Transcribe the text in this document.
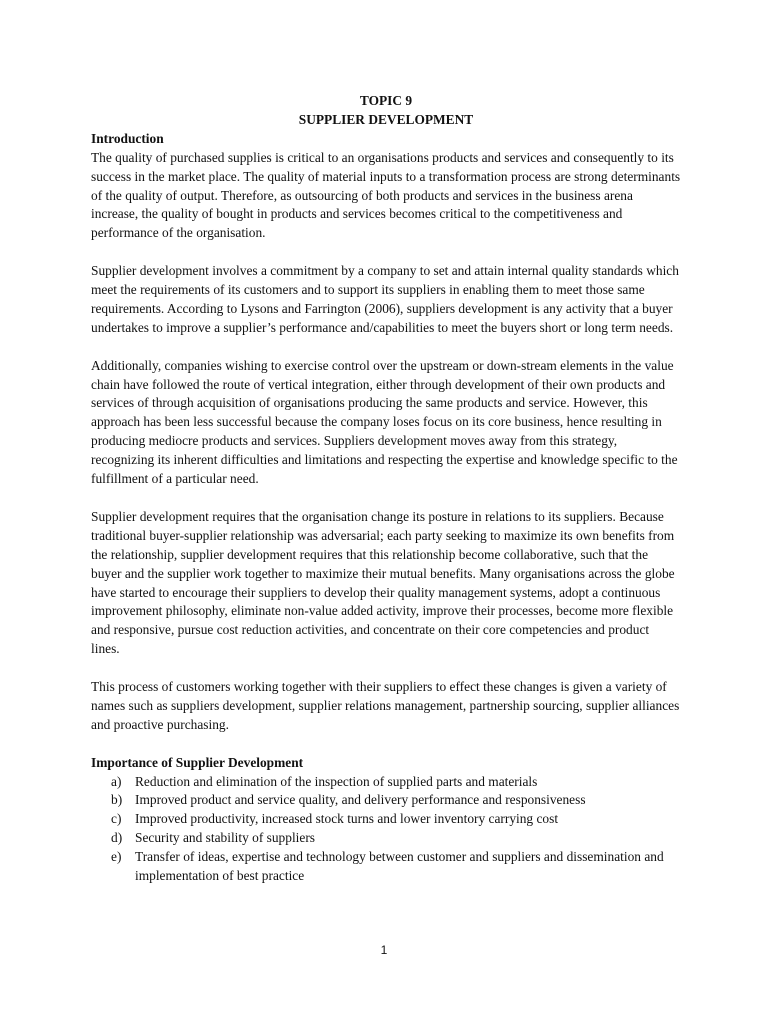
TOPIC 9

SUPPLIER DEVELOPMENT

Introduction

The quality of purchased supplies is critical to an organisations products and services and consequently to its success in the market place. The quality of material inputs to a transformation process are strong determinants of the quality of output. Therefore, as outsourcing of both products and services in the business arena increase, the quality of bought in products and services becomes critical to the competitiveness and performance of the organisation.

Supplier development involves a commitment by a company to set and attain internal quality standards which meet the requirements of its customers and to support its suppliers in enabling them to meet those same requirements. According to Lysons and Farrington (2006), suppliers development is any activity that a buyer undertakes to improve a supplier’s performance and/capabilities to meet the buyers short or long term needs.

Additionally, companies wishing to exercise control over the upstream or down-stream elements in the value chain have followed the route of vertical integration, either through development of their own products and services of through acquisition of organisations producing the same products and service. However, this approach has been less successful because the company loses focus on its core business, hence resulting in producing mediocre products and services. Suppliers development moves away from this strategy, recognizing its inherent difficulties and limitations and respecting the expertise and knowledge specific to the fulfillment of a particular need.

Supplier development requires that the organisation change its posture in relations to its suppliers. Because traditional buyer-supplier relationship was adversarial; each party seeking to maximize its own benefits from the relationship, supplier development requires that this relationship become collaborative, such that the buyer and the supplier work together to maximize their mutual benefits. Many organisations across the globe have started to encourage their suppliers to develop their quality management systems, adopt a continuous improvement philosophy, eliminate non-value added activity, improve their processes, become more flexible and responsive, pursue cost reduction activities, and concentrate on their core competencies and product lines.

This process of customers working together with their suppliers to effect these changes is given a variety of names such as suppliers development, supplier relations management, partnership sourcing, supplier alliances and proactive purchasing.

Importance of Supplier Development

a) Reduction and elimination of the inspection of supplied parts and materials
b) Improved product and service quality, and delivery performance and responsiveness
c) Improved productivity, increased stock turns and lower inventory carrying cost
d) Security and stability of suppliers
e) Transfer of ideas, expertise and technology between customer and suppliers and dissemination and implementation of best practice
1
